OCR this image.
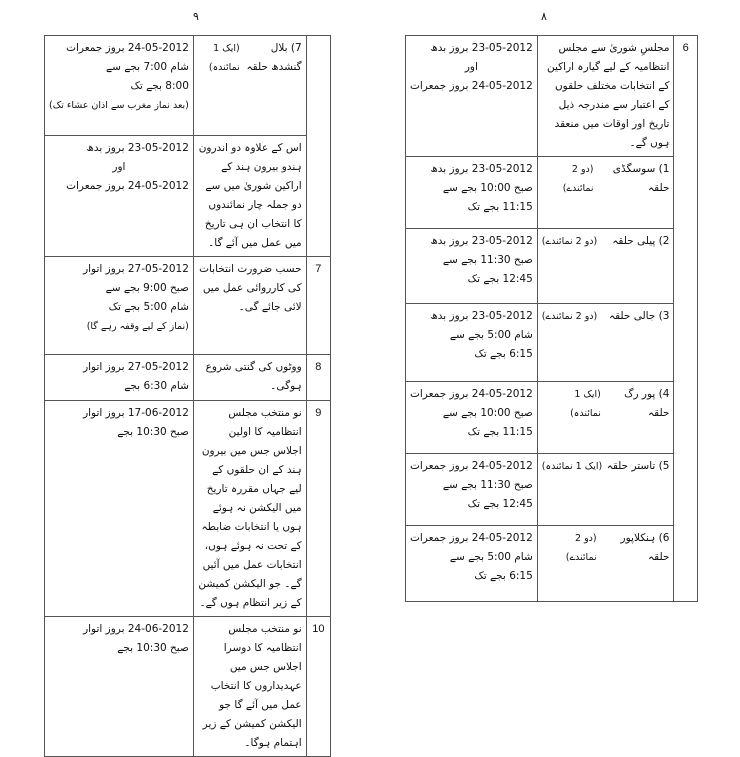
۹	۸
6	مجلسِ شوریٰ سے مجلس انتظامیہ کے لیے گیارہ اراکین کے انتخابات مختلف حلقوں کے اعتبار سے مندرجہ ذیل تاریخ اور اوقات میں منعقد ہوں گے۔	23-05-2012 بروز بدھ
اور
24-05-2012 بروز جمعرات

	1) سوسگڈی حلقہ
(دو 2 نمائندے)	23-05-2012 بروز بدھ
صبح 10:00 بجے سے
11:15 بجے تک

	2) پیلی حلقہ
(دو 2 نمائندے)	23-05-2012 بروز بدھ
صبح 11:30 بجے سے
12:45 بجے تک

	3) جالی حلقہ
(دو 2 نمائندے)	23-05-2012 بروز بدھ
شام 5:00 بجے سے
6:15 بجے تک

	4) پور رگ حلقہ
(ایک 1 نمائندہ)	24-05-2012 بروز جمعرات
صبح 10:00 بجے سے
11:15 بجے تک

	5) تاستر حلقہ
(ایک 1 نمائندہ)	24-05-2012 بروز جمعرات
صبح 11:30 بجے سے
12:45 بجے تک

	6) ہنکلاپور حلقہ
(دو 2 نمائندے)	24-05-2012 بروز جمعرات
شام 5:00 بجے سے
6:15 بجے تک

	7) بلال گنشدھ حلقہ
(ایک 1 نمائندہ)	24-05-2012 بروز جمعرات
شام 7:00 بجے سے
8:00 بجے تک
(بعد نماز مغرب سے اذان عشاء تک)

	اس کے علاوہ دو اندرون ہندو بیرون ہند کے اراکین شوریٰ میں سے دو جملہ چار نمائندوں کا انتخاب ان ہی تاریخ میں عمل میں آئے گا۔	23-05-2012 بروز بدھ
اور
24-05-2012 بروز جمعرات

7	حسب ضرورت انتخابات کی کارروائی عمل میں لائی جائے گی۔	27-05-2012 بروز اتوار
صبح 9:00 بجے سے
شام 5:00 بجے تک
(نماز کے لیے وقفہ رہے گا)

8	ووٹوں کی گنتی شروع ہوگی۔	27-05-2012 بروز اتوار
شام 6:30 بجے

9	نو منتخب مجلس انتظامیہ کا اولین اجلاس جس میں بیرون ہند کے ان حلقوں کے لیے جہاں مقررہ تاریخ میں الیکشن نہ ہوئے ہوں یا انتخابات ضابطہ کے تحت نہ ہوئے ہوں، انتخابات عمل میں آئیں گے۔ جو الیکشن کمیشن کے زیر انتظام ہوں گے۔	17-06-2012 بروز اتوار
صبح 10:30 بجے

10	نو منتخب مجلس انتظامیہ کا دوسرا اجلاس جس میں عہدیداروں کا انتخاب عمل میں آئے گا جو الیکشن کمیشن کے زیر اہتمام ہوگا۔	24-06-2012 بروز اتوار
صبح 10:30 بجے
